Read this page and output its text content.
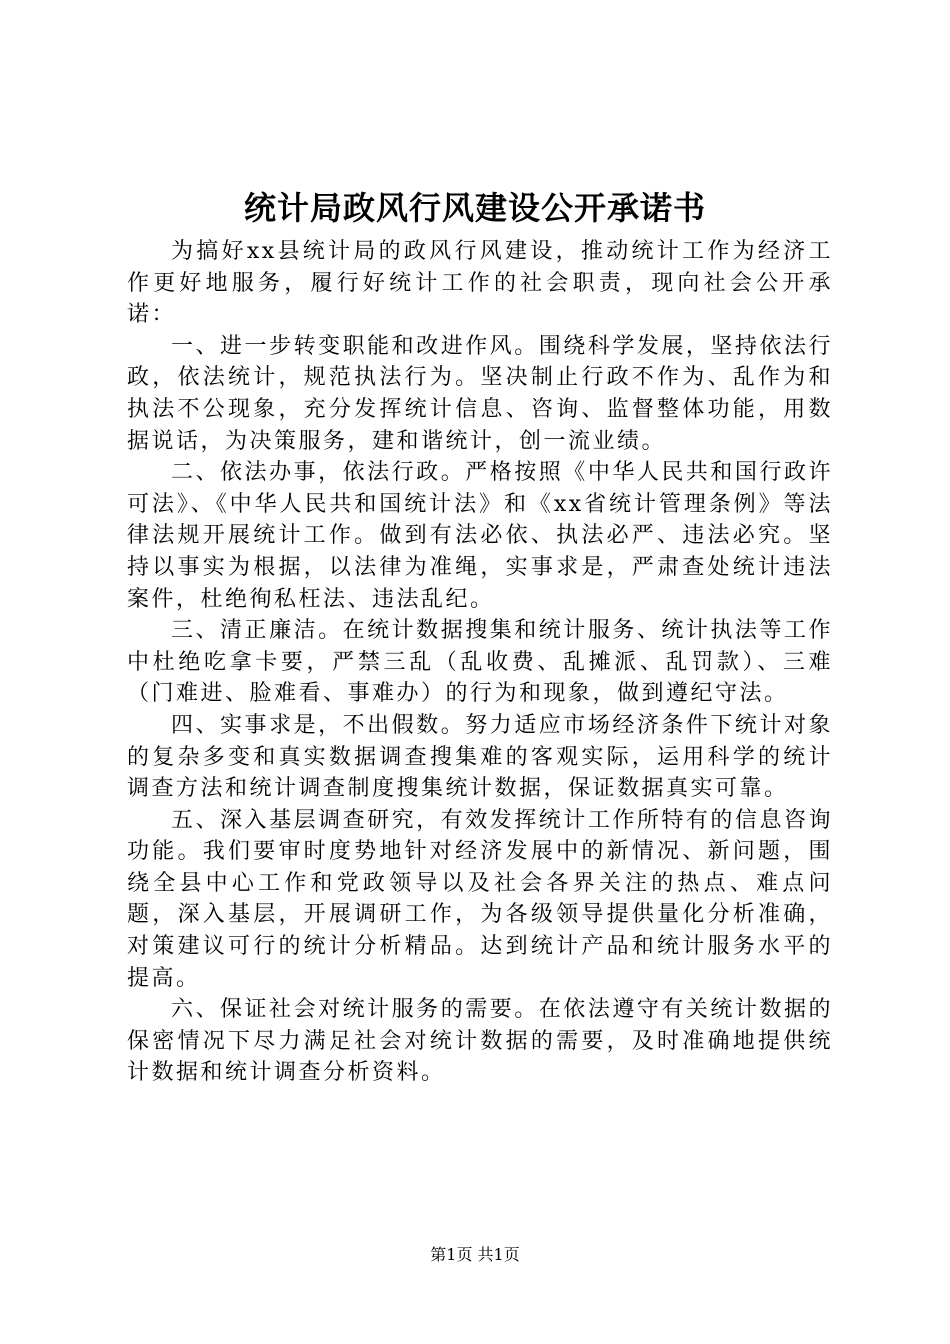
统计局政风行风建设公开承诺书

为搞好xx县统计局的政风行风建设，推动统计工作为经济工作更好地服务，履行好统计工作的社会职责，现向社会公开承诺：

一、进一步转变职能和改进作风。围绕科学发展，坚持依法行政，依法统计，规范执法行为。坚决制止行政不作为、乱作为和执法不公现象，充分发挥统计信息、咨询、监督整体功能，用数据说话，为决策服务，建和谐统计，创一流业绩。

二、依法办事，依法行政。严格按照《中华人民共和国行政许可法》、《中华人民共和国统计法》和《xx省统计管理条例》等法律法规开展统计工作。做到有法必依、执法必严、违法必究。坚持以事实为根据，以法律为准绳，实事求是，严肃查处统计违法案件，杜绝徇私枉法、违法乱纪。

三、清正廉洁。在统计数据搜集和统计服务、统计执法等工作中杜绝吃拿卡要，严禁三乱（乱收费、乱摊派、乱罚款）、三难（门难进、脸难看、事难办）的行为和现象，做到遵纪守法。

四、实事求是，不出假数。努力适应市场经济条件下统计对象的复杂多变和真实数据调查搜集难的客观实际，运用科学的统计调查方法和统计调查制度搜集统计数据，保证数据真实可靠。

五、深入基层调查研究，有效发挥统计工作所特有的信息咨询功能。我们要审时度势地针对经济发展中的新情况、新问题，围绕全县中心工作和党政领导以及社会各界关注的热点、难点问题，深入基层，开展调研工作，为各级领导提供量化分析准确，对策建议可行的统计分析精品。达到统计产品和统计服务水平的提高。

六、保证社会对统计服务的需要。在依法遵守有关统计数据的保密情况下尽力满足社会对统计数据的需要，及时准确地提供统计数据和统计调查分析资料。

第1页 共1页
